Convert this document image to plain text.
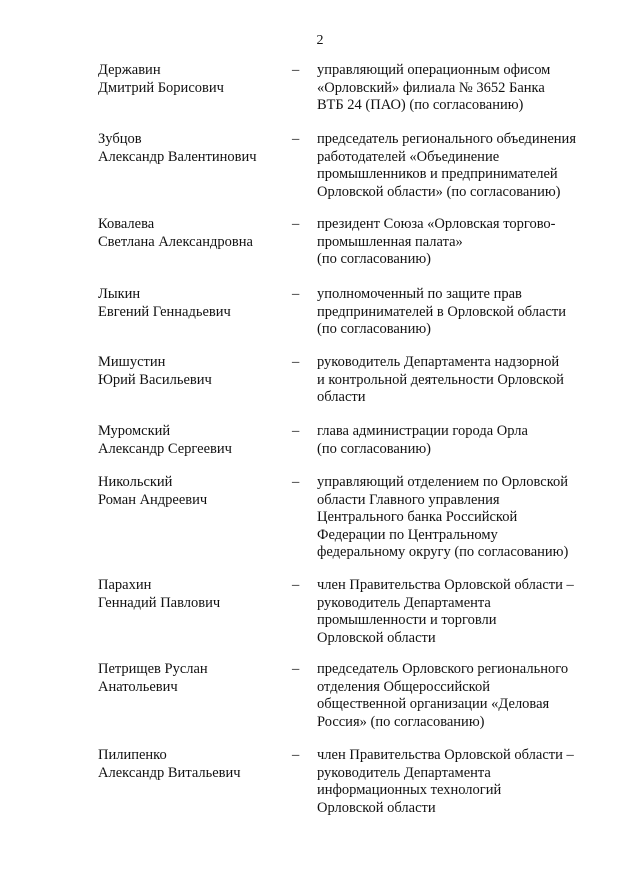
2
Державин
Дмитрий Борисович
– управляющий операционным офисом
«Орловский» филиала № 3652 Банка
ВТБ 24 (ПАО) (по согласованию)
Зубцов
Александр Валентинович
– председатель регионального объединения
работодателей «Объединение
промышленников и предпринимателей
Орловской области» (по согласованию)
Ковалева
Светлана Александровна
– президент Союза «Орловская торгово-
промышленная палата»
(по согласованию)
Лыкин
Евгений Геннадьевич
– уполномоченный по защите прав
предпринимателей в Орловской области
(по согласованию)
Мишустин
Юрий Васильевич
– руководитель Департамента надзорной
и контрольной деятельности Орловской
области
Муромский
Александр Сергеевич
– глава администрации города Орла
(по согласованию)
Никольский
Роман Андреевич
– управляющий отделением по Орловской
области Главного управления
Центрального банка Российской
Федерации по Центральному
федеральному округу (по согласованию)
Парахин
Геннадий Павлович
– член Правительства Орловской области –
руководитель Департамента
промышленности и торговли
Орловской области
Петрищев Руслан
Анатольевич
– председатель Орловского регионального
отделения Общероссийской
общественной организации «Деловая
Россия» (по согласованию)
Пилипенко
Александр Витальевич
– член Правительства Орловской области –
руководитель Департамента
информационных технологий
Орловской области
